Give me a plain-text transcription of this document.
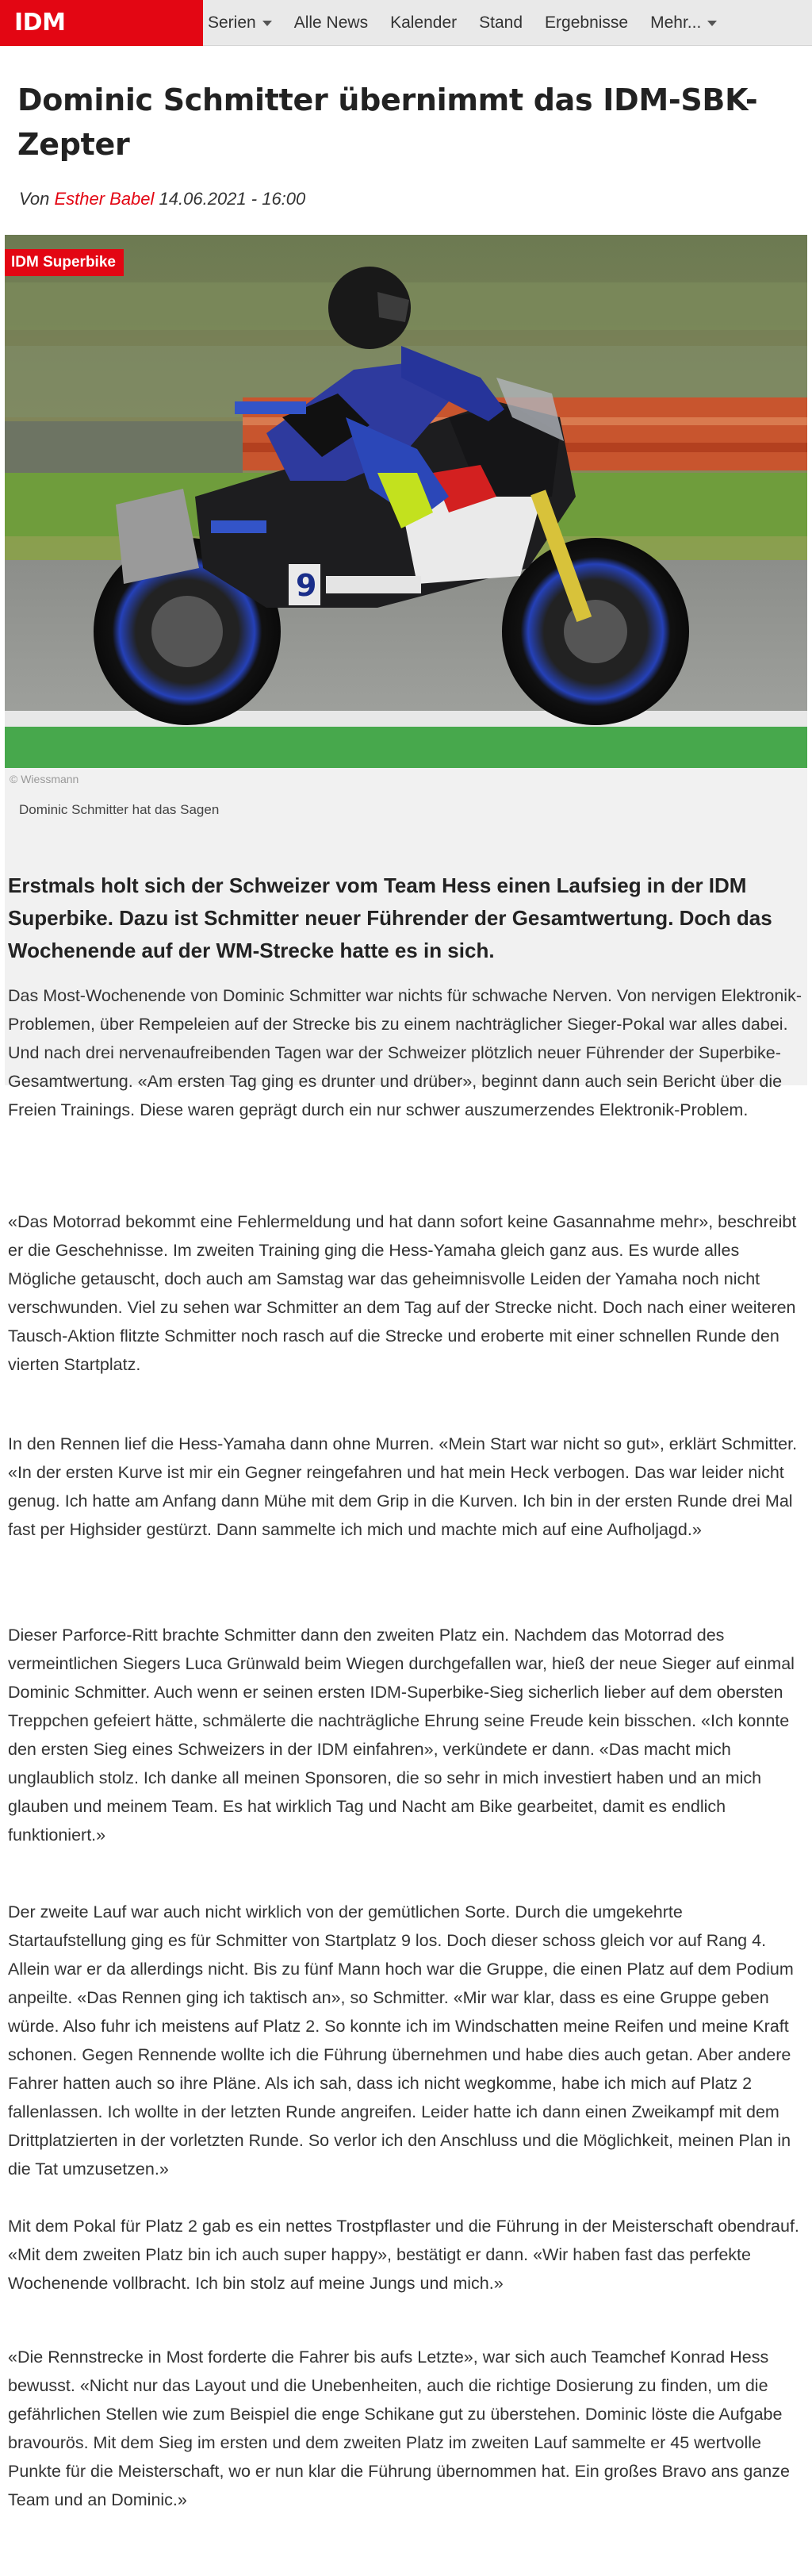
IDM Superbike
Serien Alle News Kalender Stand Ergebnisse Mehr...
Dominic Schmitter übernimmt das IDM-SBK-Zepter
Von Esther Babel 14.06.2021 - 16:00
9
IDM Superbike
© Wiessmann
Dominic Schmitter hat das Sagen

Erstmals holt sich der Schweizer vom Team Hess einen Laufsieg in der IDM Superbike. Dazu ist Schmitter neuer Führender der Gesamtwertung. Doch das Wochenende auf der WM-Strecke hatte es in sich.

Das Most-Wochenende von Dominic Schmitter war nichts für schwache Nerven. Von nervigen Elektronik-Problemen, über Rempeleien auf der Strecke bis zu einem nachträglicher Sieger-Pokal war alles dabei. Und nach drei nervenaufreibenden Tagen war der Schweizer plötzlich neuer Führender der Superbike-Gesamtwertung. «Am ersten Tag ging es drunter und drüber», beginnt dann auch sein Bericht über die Freien Trainings. Diese waren geprägt durch ein nur schwer auszumerzendes Elektronik-Problem.

«Das Motorrad bekommt eine Fehlermeldung und hat dann sofort keine Gasannahme mehr», beschreibt er die Geschehnisse. Im zweiten Training ging die Hess-Yamaha gleich ganz aus. Es wurde alles Mögliche getauscht, doch auch am Samstag war das geheimnisvolle Leiden der Yamaha noch nicht verschwunden. Viel zu sehen war Schmitter an dem Tag auf der Strecke nicht. Doch nach einer weiteren Tausch-Aktion flitzte Schmitter noch rasch auf die Strecke und eroberte mit einer schnellen Runde den vierten Startplatz.

In den Rennen lief die Hess-Yamaha dann ohne Murren. «Mein Start war nicht so gut», erklärt Schmitter. «In der ersten Kurve ist mir ein Gegner reingefahren und hat mein Heck verbogen. Das war leider nicht genug. Ich hatte am Anfang dann Mühe mit dem Grip in die Kurven. Ich bin in der ersten Runde drei Mal fast per Highsider gestürzt. Dann sammelte ich mich und machte mich auf eine Aufholjagd.»

Dieser Parforce-Ritt brachte Schmitter dann den zweiten Platz ein. Nachdem das Motorrad des vermeintlichen Siegers Luca Grünwald beim Wiegen durchgefallen war, hieß der neue Sieger auf einmal Dominic Schmitter. Auch wenn er seinen ersten IDM-Superbike-Sieg sicherlich lieber auf dem obersten Treppchen gefeiert hätte, schmälerte die nachträgliche Ehrung seine Freude kein bisschen. «Ich konnte den ersten Sieg eines Schweizers in der IDM einfahren», verkündete er dann. «Das macht mich unglaublich stolz. Ich danke all meinen Sponsoren, die so sehr in mich investiert haben und an mich glauben und meinem Team. Es hat wirklich Tag und Nacht am Bike gearbeitet, damit es endlich funktioniert.»

Der zweite Lauf war auch nicht wirklich von der gemütlichen Sorte. Durch die umgekehrte Startaufstellung ging es für Schmitter von Startplatz 9 los. Doch dieser schoss gleich vor auf Rang 4. Allein war er da allerdings nicht. Bis zu fünf Mann hoch war die Gruppe, die einen Platz auf dem Podium anpeilte. «Das Rennen ging ich taktisch an», so Schmitter. «Mir war klar, dass es eine Gruppe geben würde. Also fuhr ich meistens auf Platz 2. So konnte ich im Windschatten meine Reifen und meine Kraft schonen. Gegen Rennende wollte ich die Führung übernehmen und habe dies auch getan. Aber andere Fahrer hatten auch so ihre Pläne. Als ich sah, dass ich nicht wegkomme, habe ich mich auf Platz 2 fallenlassen. Ich wollte in der letzten Runde angreifen. Leider hatte ich dann einen Zweikampf mit dem Drittplatzierten in der vorletzten Runde. So verlor ich den Anschluss und die Möglichkeit, meinen Plan in die Tat umzusetzen.»

Mit dem Pokal für Platz 2 gab es ein nettes Trostpflaster und die Führung in der Meisterschaft obendrauf. «Mit dem zweiten Platz bin ich auch super happy», bestätigt er dann. «Wir haben fast das perfekte Wochenende vollbracht. Ich bin stolz auf meine Jungs und mich.»

«Die Rennstrecke in Most forderte die Fahrer bis aufs Letzte», war sich auch Teamchef Konrad Hess bewusst. «Nicht nur das Layout und die Unebenheiten, auch die richtige Dosierung zu finden, um die gefährlichen Stellen wie zum Beispiel die enge Schikane gut zu überstehen. Dominic löste die Aufgabe bravourös. Mit dem Sieg im ersten und dem zweiten Platz im zweiten Lauf sammelte er 45 wertvolle Punkte für die Meisterschaft, wo er nun klar die Führung übernommen hat. Ein großes Bravo ans ganze Team und an Dominic.»
